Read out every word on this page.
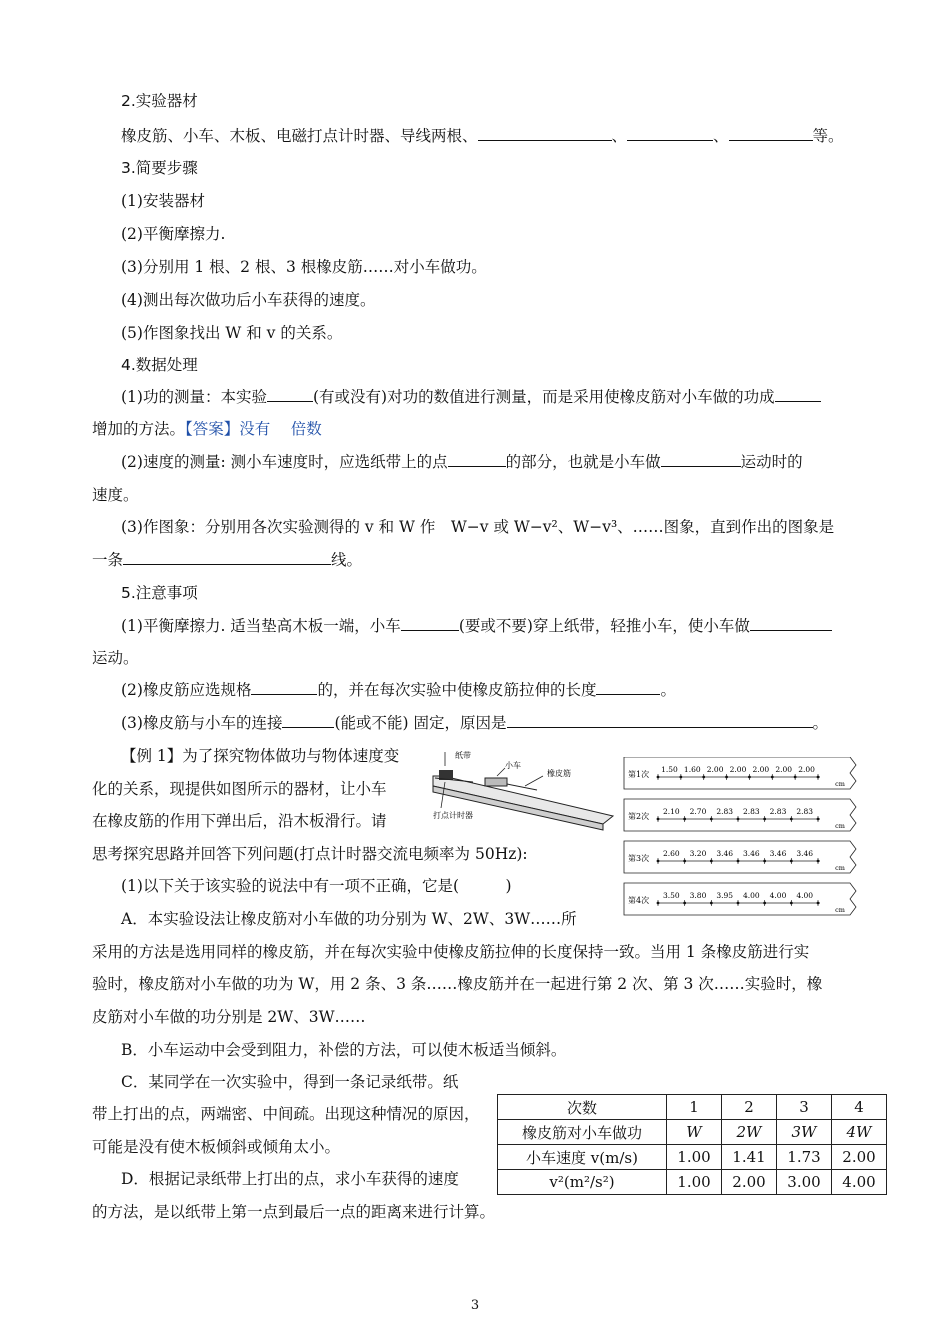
2.实验器材
橡皮筋、小车、木板、电磁打点计时器、导线两根、	、	、	等。
3.简要步骤
(1)安装器材
(2)平衡摩擦力.
(3)分别用 1 根、2 根、3 根橡皮筋……对小车做功。
(4)测出每次做功后小车获得的速度。
(5)作图象找出 W 和 v 的关系。
4.数据处理
(1)功的测量：本实验	(有或没有)对功的数值进行测量，而是采用使橡皮筋对小车做的功成
增加的方法。【答案】没有　 倍数
(2)速度的测量: 测小车速度时，应选纸带上的点	的部分，也就是小车做	运动时的
速度。
(3)作图象：分别用各次实验测得的 v 和 W 作　W−v 或 W−v²、W−v³、……图象，直到作出的图象是
一条	线。
5.注意事项
(1)平衡摩擦力. 适当垫高木板一端，小车	(要或不要)穿上纸带，轻推小车，使小车做
运动。
(2)橡皮筋应选规格	的，并在每次实验中使橡皮筋拉伸的长度	。
(3)橡皮筋与小车的连接	(能或不能) 固定，原因是	。
【例 1】为了探究物体做功与物体速度变
化的关系，现提供如图所示的器材，让小车
在橡皮筋的作用下弹出后，沿木板滑行。请
思考探究思路并回答下列问题(打点计时器交流电频率为 50Hz):
(1)以下关于该实验的说法中有一项不正确，它是(　　　)
A．本实验设法让橡皮筋对小车做的功分别为 W、2W、3W……所
采用的方法是选用同样的橡皮筋，并在每次实验中使橡皮筋拉伸的长度保持一致。当用 1 条橡皮筋进行实
验时，橡皮筋对小车做的功为 W，用 2 条、3 条……橡皮筋并在一起进行第 2 次、第 3 次……实验时，橡
皮筋对小车做的功分别是 2W、3W……
B．小车运动中会受到阻力，补偿的方法，可以使木板适当倾斜。
C．某同学在一次实验中，得到一条记录纸带。纸
带上打出的点，两端密、中间疏。出现这种情况的原因，
可能是没有使木板倾斜或倾角太小。
D．根据记录纸带上打出的点，求小车获得的速度
的方法，是以纸带上第一点到最后一点的距离来进行计算。
纸带
小车
橡皮筋
打点计时器
第1次
1.50 1.60 2.00 2.00 2.00 2.00 2.00
cm
第2次
2.10 2.70 2.83 2.83 2.83 2.83
cm
第3次
2.60 3.20 3.46 3.46 3.46 3.46
cm
第4次
3.50 3.80 3.95 4.00 4.00 4.00
cm
次数	1	2	3	4
橡皮筋对小车做功	W	2W	3W	4W
小车速度 v(m/s)	1.00	1.41	1.73	2.00
v²(m²/s²)	1.00	2.00	3.00	4.00
3
